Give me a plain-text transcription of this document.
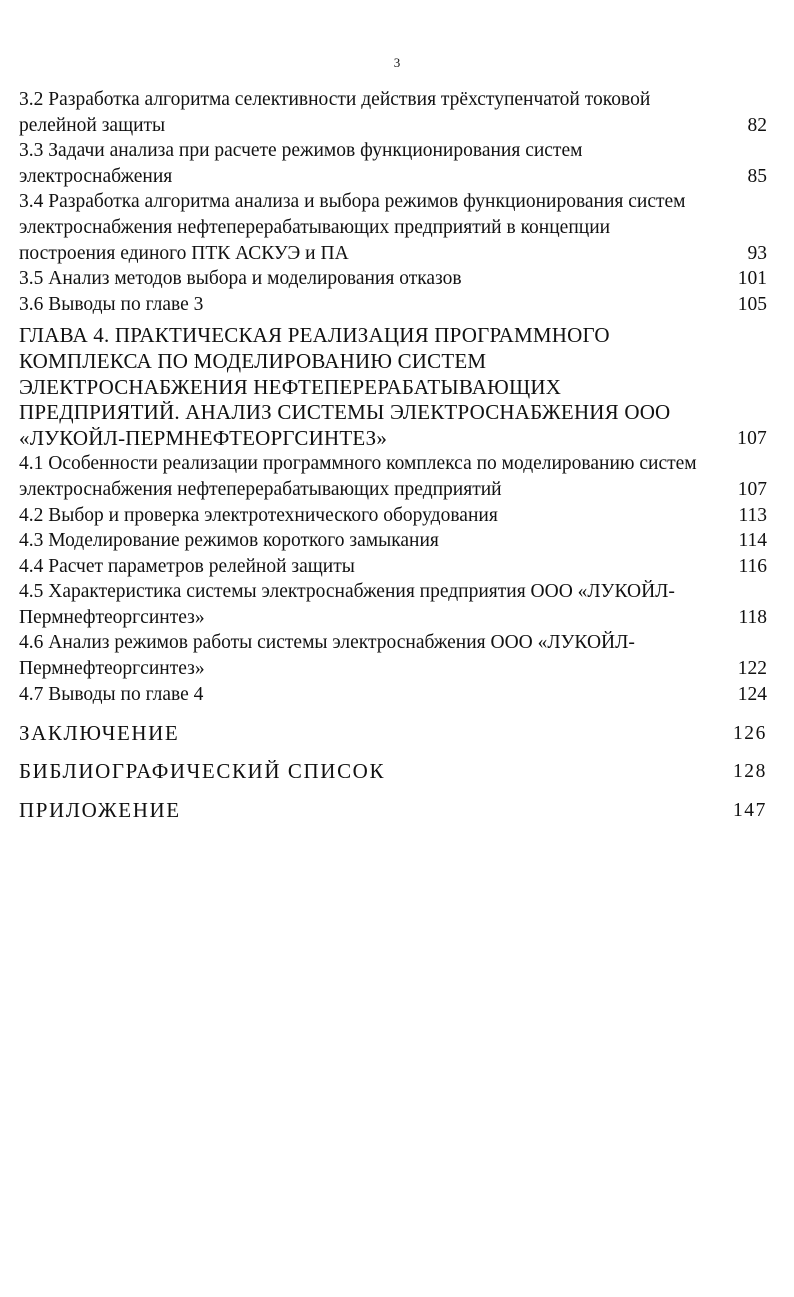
3
3.2 Разработка алгоритма селективности действия трёхступенчатой токовой релейной защиты	82
3.3 Задачи анализа при расчете режимов функционирования систем электроснабжения	85
3.4 Разработка алгоритма анализа и выбора режимов функционирования систем электроснабжения нефтеперерабатывающих предприятий в концепции построения единого ПТК АСКУЭ и ПА	93
3.5 Анализ методов выбора и моделирования отказов	101
3.6 Выводы по главе 3	105
ГЛАВА 4. ПРАКТИЧЕСКАЯ РЕАЛИЗАЦИЯ ПРОГРАММНОГО КОМПЛЕКСА ПО МОДЕЛИРОВАНИЮ СИСТЕМ ЭЛЕКТРОСНАБЖЕНИЯ НЕФТЕПЕРЕРАБАТЫВАЮЩИХ ПРЕДПРИЯТИЙ. АНАЛИЗ СИСТЕМЫ ЭЛЕКТРОСНАБЖЕНИЯ ООО «ЛУКОЙЛ-ПЕРМНЕФТЕОРГСИНТЕЗ»	107
4.1 Особенности реализации программного комплекса по моделированию систем электроснабжения нефтеперерабатывающих предприятий	107
4.2 Выбор и проверка электротехнического оборудования	113
4.3 Моделирование режимов короткого замыкания	114
4.4 Расчет параметров релейной защиты	116
4.5 Характеристика системы электроснабжения предприятия ООО «ЛУКОЙЛ-Пермнефтеоргсинтез»	118
4.6 Анализ режимов работы системы электроснабжения ООО «ЛУКОЙЛ-Пермнефтеоргсинтез»	122
4.7 Выводы по главе 4	124
ЗАКЛЮЧЕНИЕ	126
БИБЛИОГРАФИЧЕСКИЙ СПИСОК	128
ПРИЛОЖЕНИЕ	147
